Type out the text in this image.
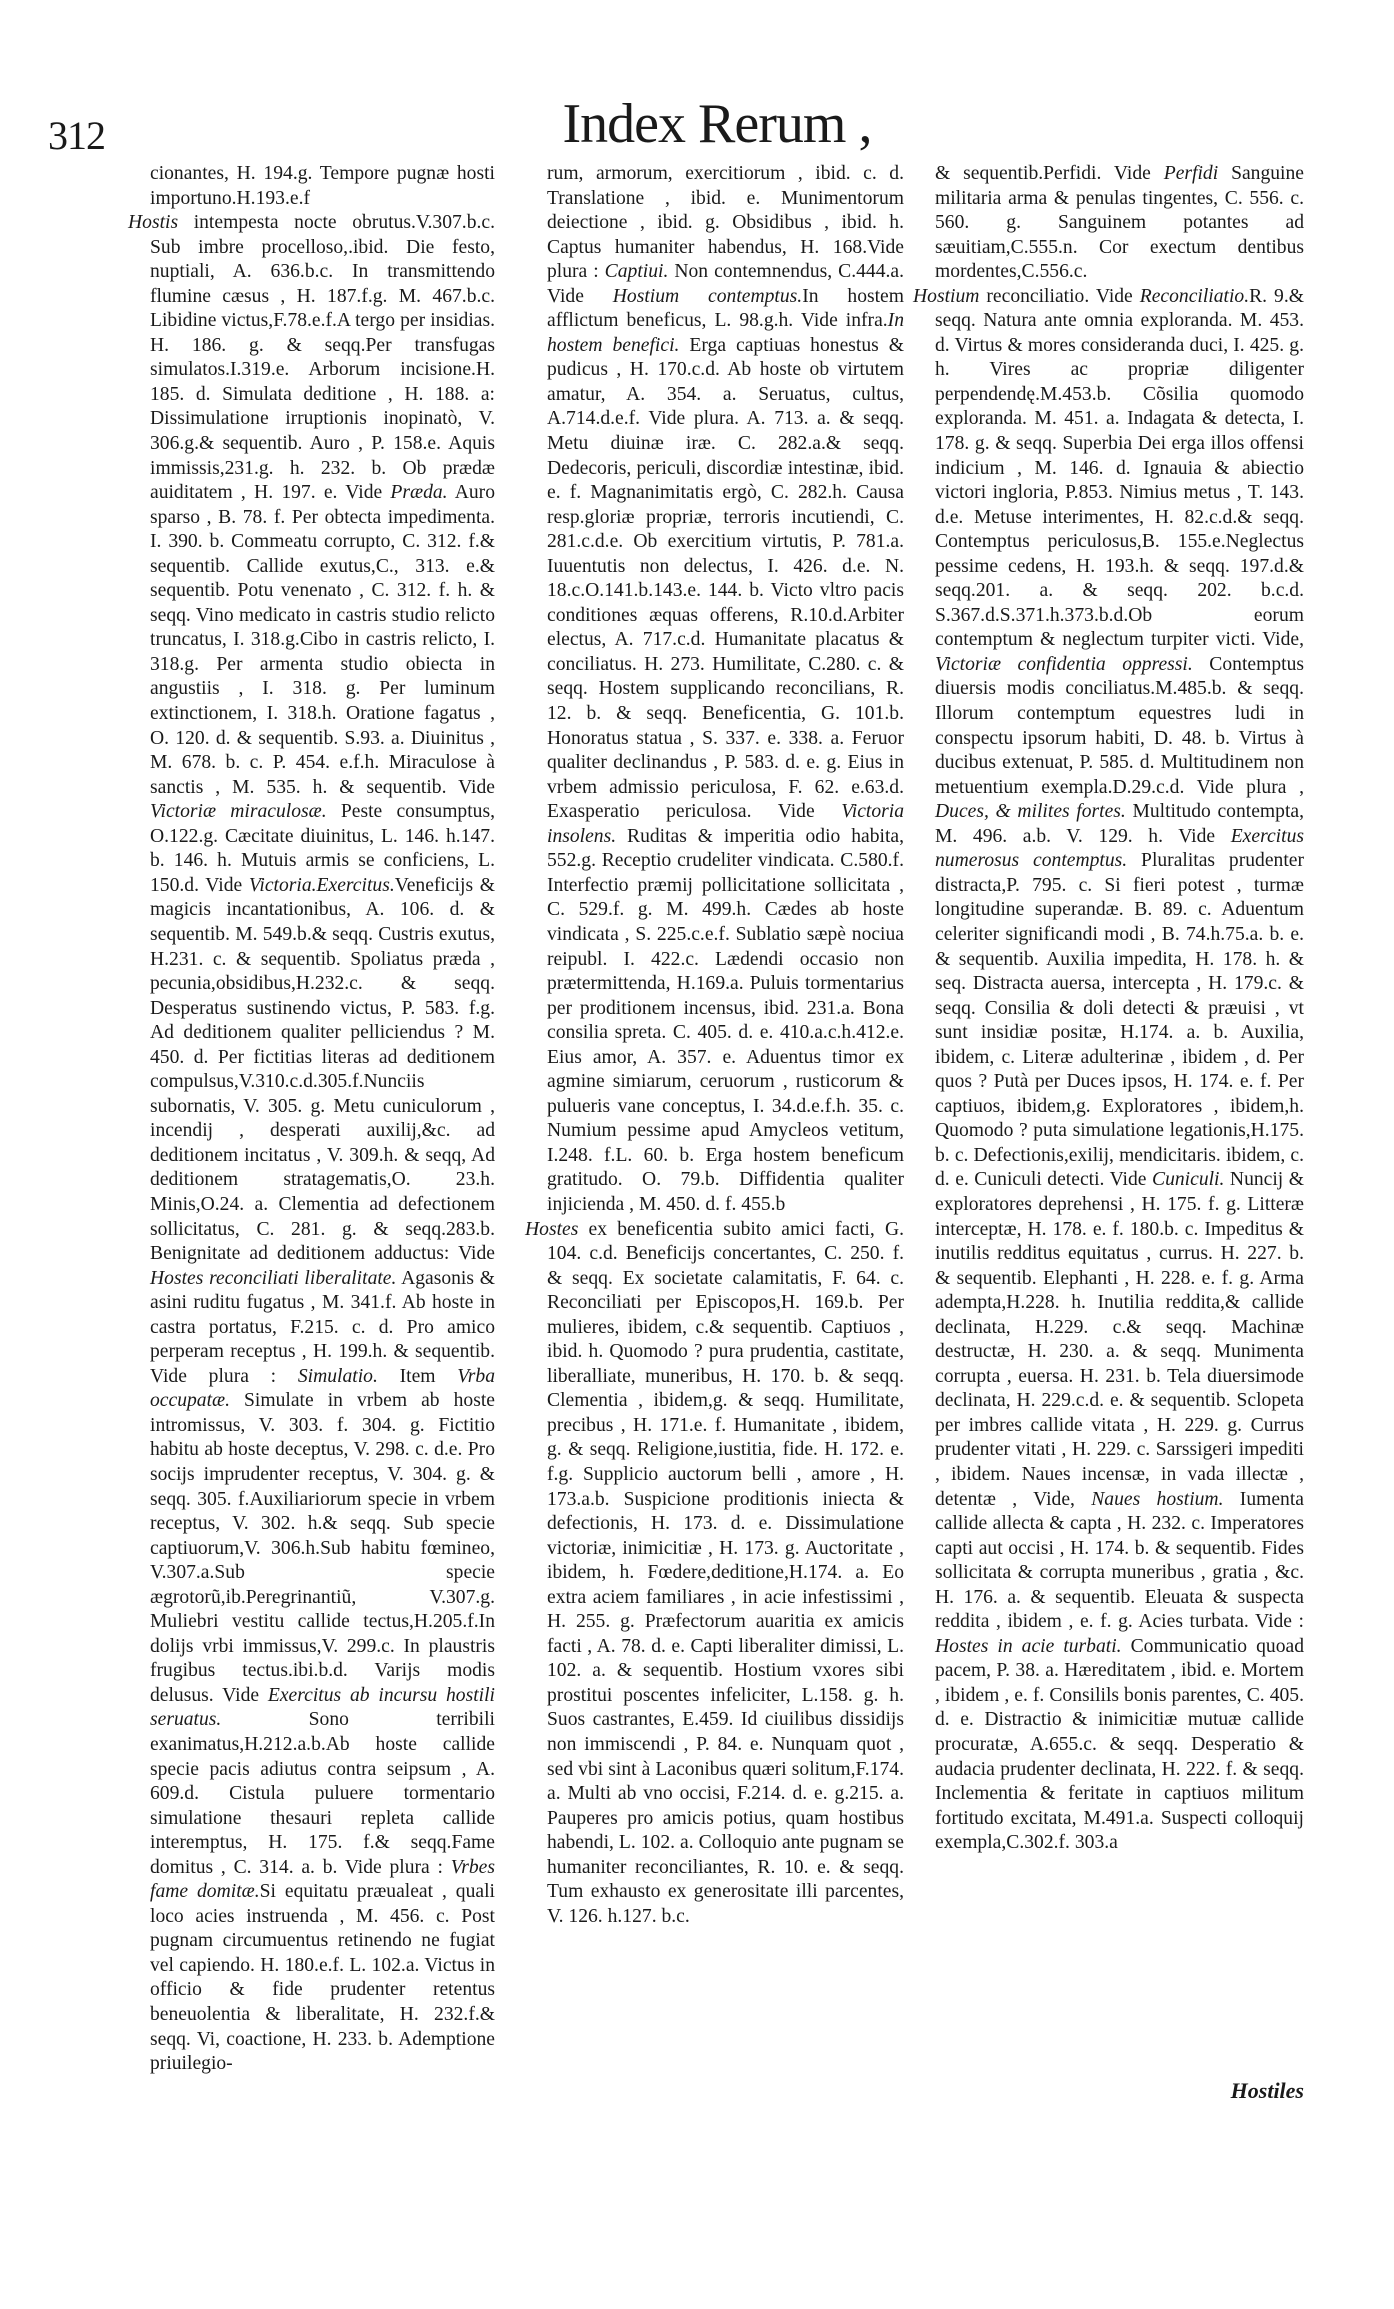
312	Index Rerum ,

cionantes, H. 194.g. Tempore pugnæ hosti importuno.H.193.e.f

Hostis intempesta nocte obrutus.V.307.b.c. Sub imbre procelloso,.ibid. Die festo, nuptiali, A. 636.b.c. In transmittendo flumine cæsus , H. 187.f.g. M. 467.b.c. Libidine victus,F.78.e.f.A tergo per insidias. H. 186. g. & seqq.Per transfugas simulatos.I.319.e. Arborum incisione.H. 185. d. Simulata deditione , H. 188. a: Dissimulatione irruptionis inopinatò, V. 306.g.& sequentib. Auro , P. 158.e. Aquis immissis,231.g. h. 232. b. Ob prædæ auiditatem , H. 197. e. Vide Præda. Auro sparso , B. 78. f. Per obtecta impedimenta. I. 390. b. Commeatu corrupto, C. 312. f.& sequentib. Callide exutus,C., 313. e.& sequentib. Potu venenato , C. 312. f. h. & seqq. Vino medicato in castris studio relicto truncatus, I. 318.g.Cibo in castris relicto, I. 318.g. Per armenta studio obiecta in angustiis , I. 318. g. Per luminum extinctionem, I. 318.h. Oratione fagatus , O. 120. d. & sequentib. S.93. a. Diuinitus , M. 678. b. c. P. 454. e.f.h. Miraculose à sanctis , M. 535. h. & sequentib. Vide Victoriæ miraculosæ. Peste consumptus, O.122.g. Cæcitate diuinitus, L. 146. h.147. b. 146. h. Mutuis armis se conficiens, L. 150.d. Vide Victoria.Exercitus.Veneficijs & magicis incantationibus, A. 106. d. & sequentib. M. 549.b.& seqq. Custris exutus, H.231. c. & sequentib. Spoliatus præda , pecunia,obsidibus,H.232.c. & seqq. Desperatus sustinendo victus, P. 583. f.g. Ad deditionem qualiter pelliciendus ? M. 450. d. Per fictitias literas ad deditionem compulsus,V.310.c.d.305.f.Nunciis subornatis, V. 305. g. Metu cuniculorum , incendij , desperati auxilij,&c. ad deditionem incitatus , V. 309.h. & seqq, Ad deditionem stratagematis,O. 23.h. Minis,O.24. a. Clementia ad defectionem sollicitatus, C. 281. g. & seqq.283.b. Benignitate ad deditionem adductus: Vide Hostes reconciliati liberalitate. Agasonis & asini ruditu fugatus , M. 341.f. Ab hoste in castra portatus, F.215. c. d. Pro amico perperam receptus , H. 199.h. & sequentib. Vide plura : Simulatio. Item Vrba occupatæ. Simulate in vrbem ab hoste intromissus, V. 303. f. 304. g. Fictitio habitu ab hoste deceptus, V. 298. c. d.e. Pro socijs imprudenter receptus, V. 304. g. & seqq. 305. f.Auxiliariorum specie in vrbem receptus, V. 302. h.& seqq. Sub specie captiuorum,V. 306.h.Sub habitu fœmineo, V.307.a.Sub specie ægrotorũ,ib.Peregrinantiũ, V.307.g. Muliebri vestitu callide tectus,H.205.f.In dolijs vrbi immissus,V. 299.c. In plaustris frugibus tectus.ibi.b.d. Varijs modis delusus. Vide Exercitus ab incursu hostili seruatus. Sono terribili exanimatus,H.212.a.b.Ab hoste callide specie pacis adiutus contra seipsum , A. 609.d. Cistula puluere tormentario simulatione thesauri repleta callide interemptus, H. 175. f.& seqq.Fame domitus , C. 314. a. b. Vide plura : Vrbes fame domitæ.Si equitatu præualeat , quali loco acies instruenda , M. 456. c. Post pugnam circumuentus retinendo ne fugiat vel capiendo. H. 180.e.f. L. 102.a. Victus in officio & fide prudenter retentus beneuolentia & liberalitate, H. 232.f.& seqq. Vi, coactione, H. 233. b. Ademptione priuilegio-

rum, armorum, exercitiorum , ibid. c. d. Translatione , ibid. e. Munimentorum deiectione , ibid. g. Obsidibus , ibid. h. Captus humaniter habendus, H. 168.Vide plura : Captiui. Non contemnendus, C.444.a. Vide Hostium contemptus.In hostem afflictum beneficus, L. 98.g.h. Vide infra.In hostem benefici. Erga captiuas honestus & pudicus , H. 170.c.d. Ab hoste ob virtutem amatur, A. 354. a. Seruatus, cultus, A.714.d.e.f. Vide plura. A. 713. a. & seqq. Metu diuinæ iræ. C. 282.a.& seqq. Dedecoris, periculi, discordiæ intestinæ, ibid. e. f. Magnanimitatis ergò, C. 282.h. Causa resp.gloriæ propriæ, terroris incutiendi, C. 281.c.d.e. Ob exercitium virtutis, P. 781.a. Iuuentutis non delectus, I. 426. d.e. N. 18.c.O.141.b.143.e. 144. b. Victo vltro pacis conditiones æquas offerens, R.10.d.Arbiter electus, A. 717.c.d. Humanitate placatus & conciliatus. H. 273. Humilitate, C.280. c. & seqq. Hostem supplicando reconcilians, R. 12. b. & seqq. Beneficentia, G. 101.b. Honoratus statua , S. 337. e. 338. a. Feruor qualiter declinandus , P. 583. d. e. g. Eius in vrbem admissio periculosa, F. 62. e.63.d. Exasperatio periculosa. Vide Victoria insolens. Ruditas & imperitia odio habita, 552.g. Receptio crudeliter vindicata. C.580.f. Interfectio præmij pollicitatione sollicitata , C. 529.f. g. M. 499.h. Cædes ab hoste vindicata , S. 225.c.e.f. Sublatio sæpè nociua reipubl. I. 422.c. Lædendi occasio non prætermittenda, H.169.a. Puluis tormentarius per proditionem incensus, ibid. 231.a. Bona consilia spreta. C. 405. d. e. 410.a.c.h.412.e. Eius amor, A. 357. e. Aduentus timor ex agmine simiarum, ceruorum , rusticorum & pulueris vane conceptus, I. 34.d.e.f.h. 35. c. Numium pessime apud Amycleos vetitum, I.248. f.L. 60. b. Erga hostem beneficum gratitudo. O. 79.b. Diffidentia qualiter injicienda , M. 450. d. f. 455.b

Hostes ex beneficentia subito amici facti, G. 104. c.d. Beneficijs concertantes, C. 250. f. & seqq. Ex societate calamitatis, F. 64. c. Reconciliati per Episcopos,H. 169.b. Per mulieres, ibidem, c.& sequentib. Captiuos , ibid. h. Quomodo ? pura prudentia, castitate, liberalliate, muneribus, H. 170. b. & seqq. Clementia , ibidem,g. & seqq. Humilitate, precibus , H. 171.e. f. Humanitate , ibidem, g. & seqq. Religione,iustitia, fide. H. 172. e. f.g. Supplicio auctorum belli , amore , H. 173.a.b. Suspicione proditionis iniecta & defectionis, H. 173. d. e. Dissimulatione victoriæ, inimicitiæ , H. 173. g. Auctoritate , ibidem, h. Fœdere,deditione,H.174. a. Eo extra aciem familiares , in acie infestissimi , H. 255. g. Præfectorum auaritia ex amicis facti , A. 78. d. e. Capti liberaliter dimissi, L. 102. a. & sequentib. Hostium vxores sibi prostitui poscentes infeliciter, L.158. g. h. Suos castrantes, E.459. Id ciuilibus dissidijs non immiscendi , P. 84. e. Nunquam quot , sed vbi sint à Laconibus quæri solitum,F.174. a. Multi ab vno occisi, F.214. d. e. g.215. a. Pauperes pro amicis potius, quam hostibus habendi, L. 102. a. Colloquio ante pugnam se humaniter reconciliantes, R. 10. e. & seqq. Tum exhausto ex generositate illi parcentes, V. 126. h.127. b.c.

& sequentib.Perfidi. Vide Perfidi Sanguine militaria arma & penulas tingentes, C. 556. c. 560. g. Sanguinem potantes ad sæuitiam,C.555.n. Cor exectum dentibus mordentes,C.556.c.

Hostium reconciliatio. Vide Reconciliatio.R. 9.& seqq. Natura ante omnia exploranda. M. 453. d. Virtus & mores consideranda duci, I. 425. g. h. Vires ac propriæ diligenter perpendendę.M.453.b. Cõsilia quomodo exploranda. M. 451. a. Indagata & detecta, I. 178. g. & seqq. Superbia Dei erga illos offensi indicium , M. 146. d. Ignauia & abiectio victori ingloria, P.853. Nimius metus , T. 143. d.e. Metuse interimentes, H. 82.c.d.& seqq. Contemptus periculosus,B. 155.e.Neglectus pessime cedens, H. 193.h. & seqq. 197.d.& seqq.201. a. & seqq. 202. b.c.d. S.367.d.S.371.h.373.b.d.Ob eorum contemptum & neglectum turpiter victi. Vide, Victoriæ confidentia oppressi. Contemptus diuersis modis conciliatus.M.485.b. & seqq. Illorum contemptum equestres ludi in conspectu ipsorum habiti, D. 48. b. Virtus à ducibus extenuat, P. 585. d. Multitudinem non metuentium exempla.D.29.c.d. Vide plura , Duces, & milites fortes. Multitudo contempta, M. 496. a.b. V. 129. h. Vide Exercitus numerosus contemptus. Pluralitas prudenter distracta,P. 795. c. Si fieri potest , turmæ longitudine superandæ. B. 89. c. Aduentum celeriter significandi modi , B. 74.h.75.a. b. e. & sequentib. Auxilia impedita, H. 178. h. & seq. Distracta auersa, intercepta , H. 179.c. & seqq. Consilia & doli detecti & præuisi , vt sunt insidiæ positæ, H.174. a. b. Auxilia, ibidem, c. Literæ adulterinæ , ibidem , d. Per quos ? Putà per Duces ipsos, H. 174. e. f. Per captiuos, ibidem,g. Exploratores , ibidem,h. Quomodo ? puta simulatione legationis,H.175. b. c. Defectionis,exilij, mendicitaris. ibidem, c. d. e. Cuniculi detecti. Vide Cuniculi. Nuncij & exploratores deprehensi , H. 175. f. g. Litteræ interceptæ, H. 178. e. f. 180.b. c. Impeditus & inutilis redditus equitatus , currus. H. 227. b. & sequentib. Elephanti , H. 228. e. f. g. Arma adempta,H.228. h. Inutilia reddita,& callide declinata, H.229. c.& seqq. Machinæ destructæ, H. 230. a. & seqq. Munimenta corrupta , euersa. H. 231. b. Tela diuersimode declinata, H. 229.c.d. e. & sequentib. Sclopeta per imbres callide vitata , H. 229. g. Currus prudenter vitati , H. 229. c. Sarssigeri impediti , ibidem. Naues incensæ, in vada illectæ , detentæ , Vide, Naues hostium. Iumenta callide allecta & capta , H. 232. c. Imperatores capti aut occisi , H. 174. b. & sequentib. Fides sollicitata & corrupta muneribus , gratia , &c. H. 176. a. & sequentib. Eleuata & suspecta reddita , ibidem , e. f. g. Acies turbata. Vide : Hostes in acie turbati. Communicatio quoad pacem, P. 38. a. Hæreditatem , ibid. e. Mortem , ibidem , e. f. Consilils bonis parentes, C. 405. d. e. Distractio & inimicitiæ mutuæ callide procuratæ, A.655.c. & seqq. Desperatio & audacia prudenter declinata, H. 222. f. & seqq. Inclementia & feritate in captiuos militum fortitudo excitata, M.491.a. Suspecti colloquij exempla,C.302.f. 303.a

Hostiles
